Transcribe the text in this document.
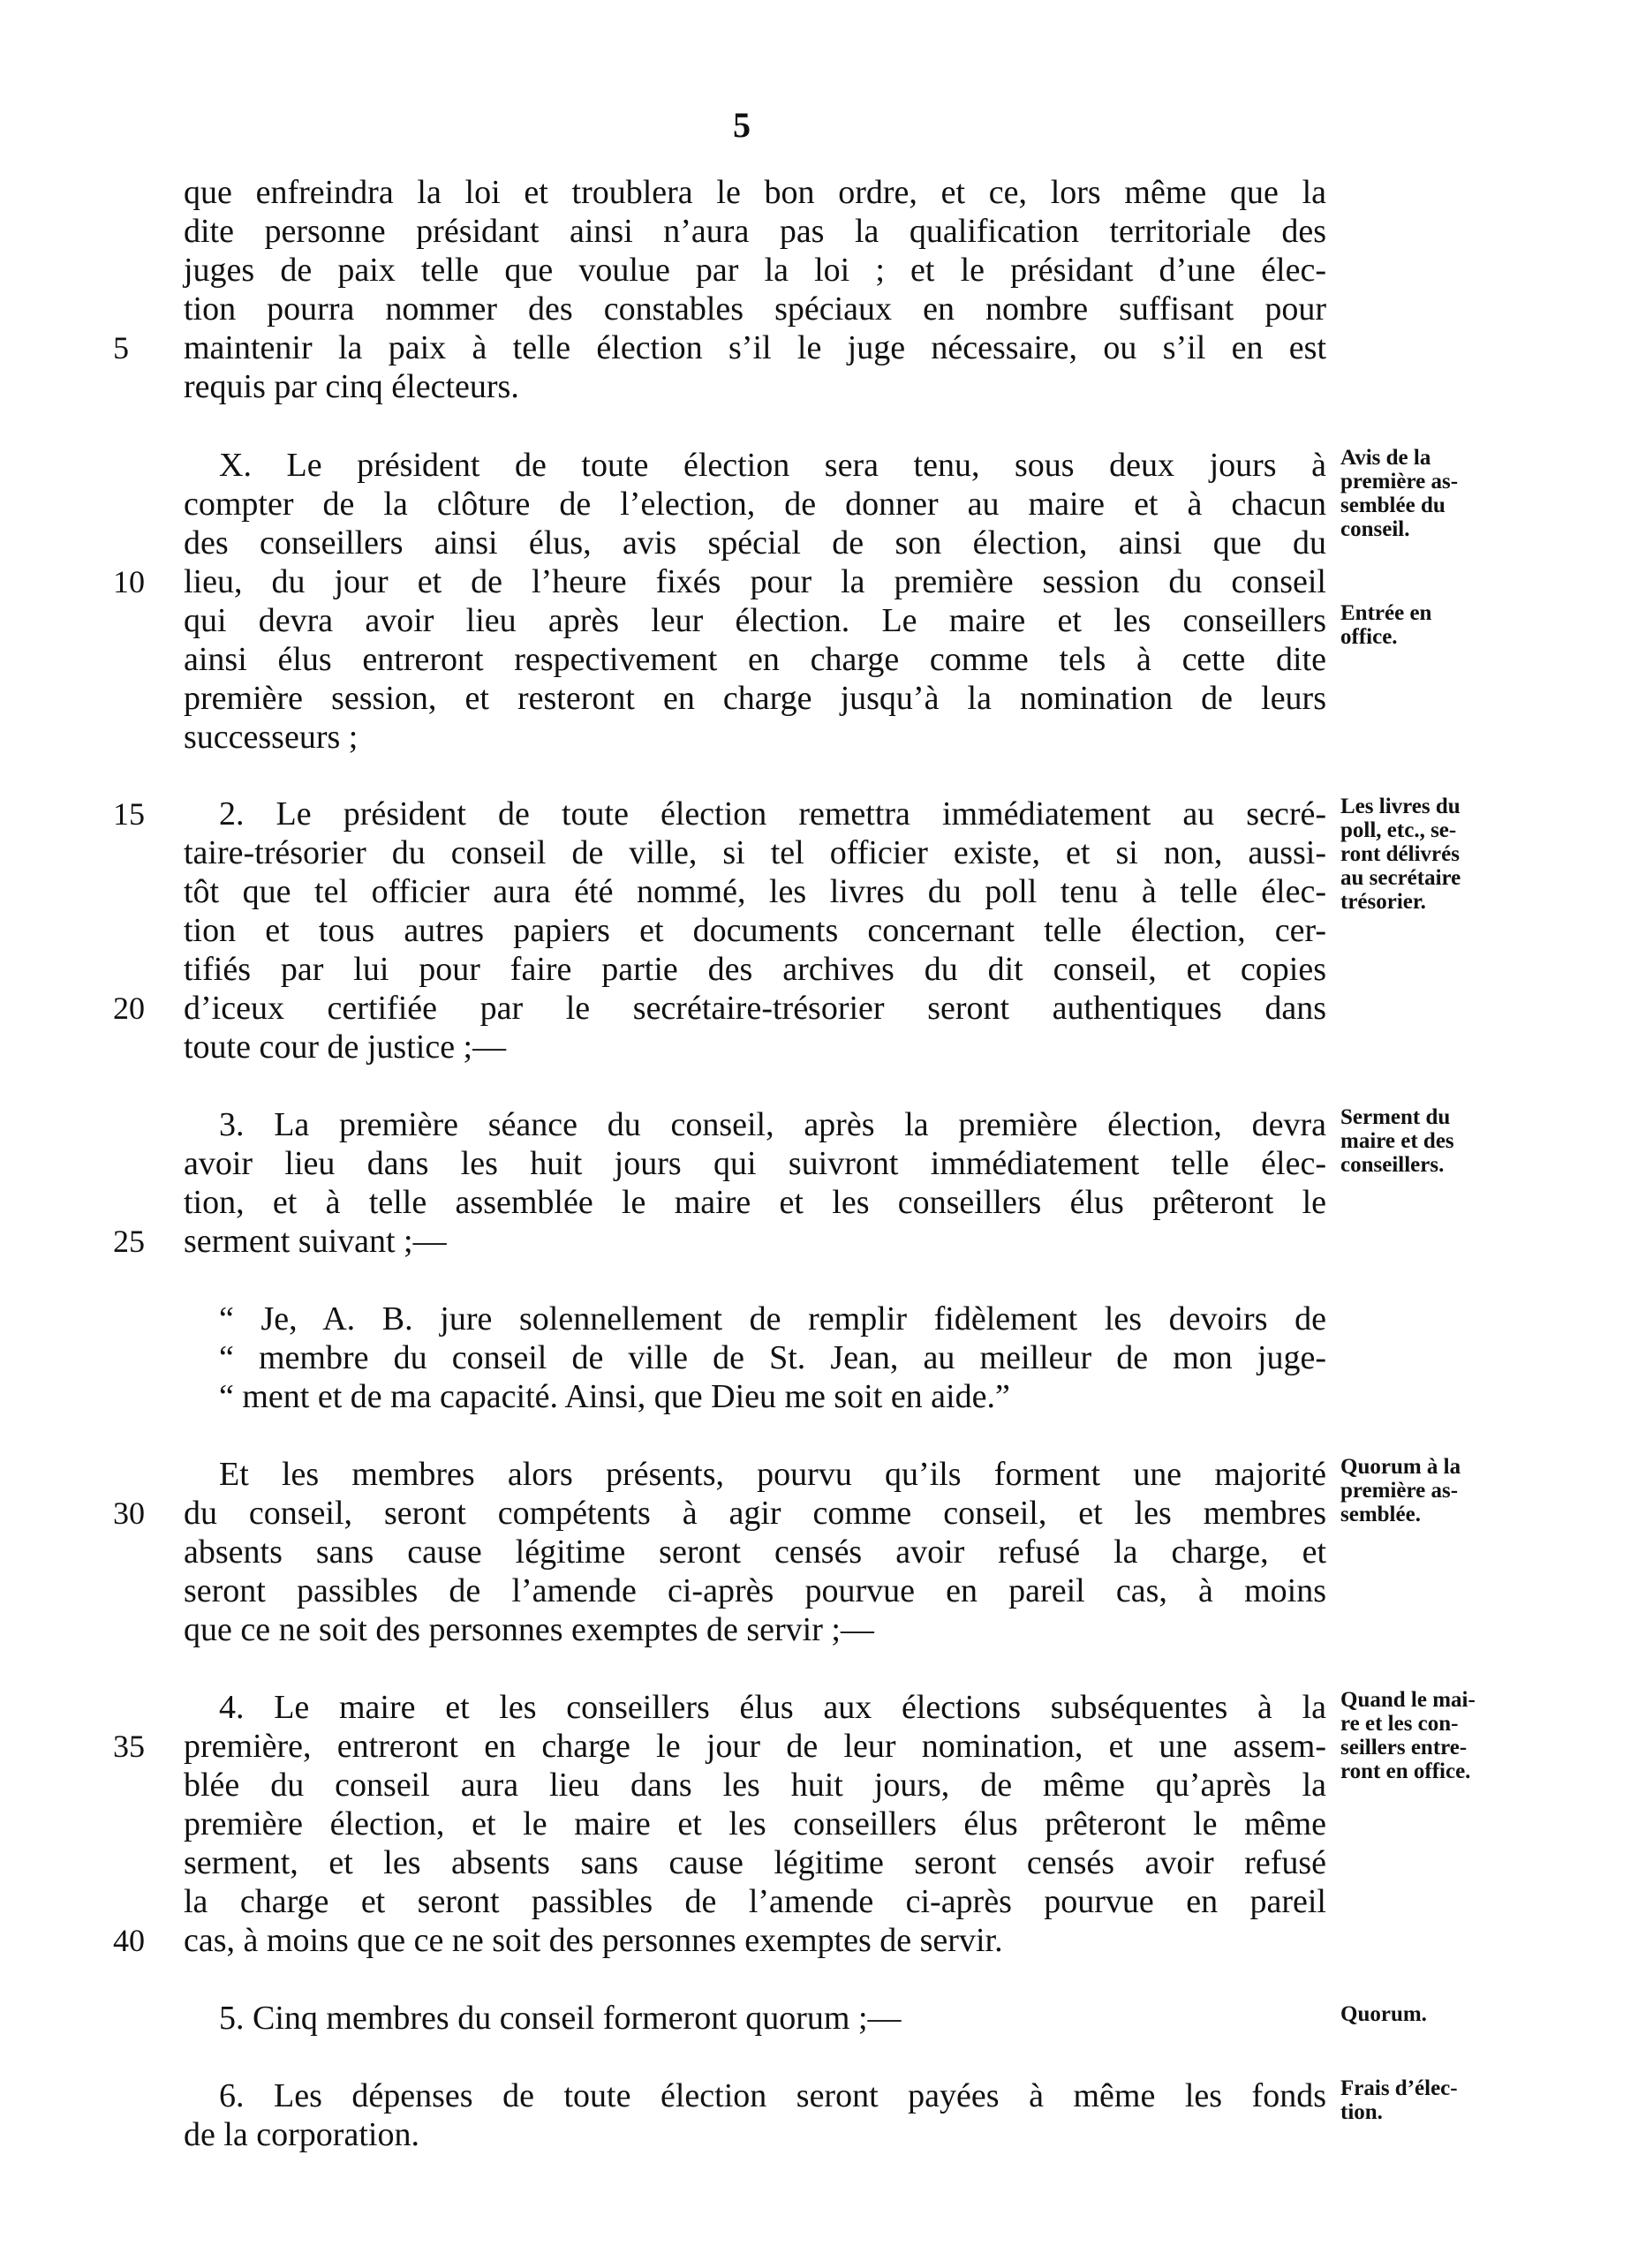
5
que enfreindra la loi et troublera le bon ordre, et ce, lors même que la
dite personne présidant ainsi n’aura pas la qualification territoriale des
juges de paix telle que voulue par la loi ; et le présidant d’une élec-
tion pourra nommer des constables spéciaux en nombre suffisant pour
maintenir la paix à telle élection s’il le juge nécessaire, ou s’il en est
5
requis par cinq électeurs.
X. Le président de toute élection sera tenu, sous deux jours à
compter de la clôture de l’election, de donner au maire et à chacun
des conseillers ainsi élus, avis spécial de son élection, ainsi que du
lieu, du jour et de l’heure fixés pour la première session du conseil
10
qui devra avoir lieu après leur élection. Le maire et les conseillers
ainsi élus entreront respectivement en charge comme tels à cette dite
première session, et resteront en charge jusqu’à la nomination de leurs
successeurs ;
2. Le président de toute élection remettra immédiatement au secré-
15
taire-trésorier du conseil de ville, si tel officier existe, et si non, aussi-
tôt que tel officier aura été nommé, les livres du poll tenu à telle élec-
tion et tous autres papiers et documents concernant telle élection, cer-
tifiés par lui pour faire partie des archives du dit conseil, et copies
d’iceux certifiée par le secrétaire-trésorier seront authentiques dans
20
toute cour de justice ;—
3. La première séance du conseil, après la première élection, devra
avoir lieu dans les huit jours qui suivront immédiatement telle élec-
tion, et à telle assemblée le maire et les conseillers élus prêteront le
serment suivant ;—
25
“ Je, A. B. jure solennellement de remplir fidèlement les devoirs de
“ membre du conseil de ville de St. Jean, au meilleur de mon juge-
“ ment et de ma capacité. Ainsi, que Dieu me soit en aide.”
Et les membres alors présents, pourvu qu’ils forment une majorité
du conseil, seront compétents à agir comme conseil, et les membres
30
absents sans cause légitime seront censés avoir refusé la charge, et
seront passibles de l’amende ci-après pourvue en pareil cas, à moins
que ce ne soit des personnes exemptes de servir ;—
4. Le maire et les conseillers élus aux élections subséquentes à la
première, entreront en charge le jour de leur nomination, et une assem-
35
blée du conseil aura lieu dans les huit jours, de même qu’après la
première élection, et le maire et les conseillers élus prêteront le même
serment, et les absents sans cause légitime seront censés avoir refusé
la charge et seront passibles de l’amende ci-après pourvue en pareil
cas, à moins que ce ne soit des personnes exemptes de servir.
40
5. Cinq membres du conseil formeront quorum ;—
6. Les dépenses de toute élection seront payées à même les fonds
de la corporation.
Avis de la
première as-
semblée du
conseil.
Entrée en
office.
Les livres du
poll, etc., se-
ront délivrés
au secrétaire
trésorier.
Serment du
maire et des
conseillers.
Quorum à la
première as-
semblée.
Quand le mai-
re et les con-
seillers entre-
ront en office.
Quorum.
Frais d’élec-
tion.
